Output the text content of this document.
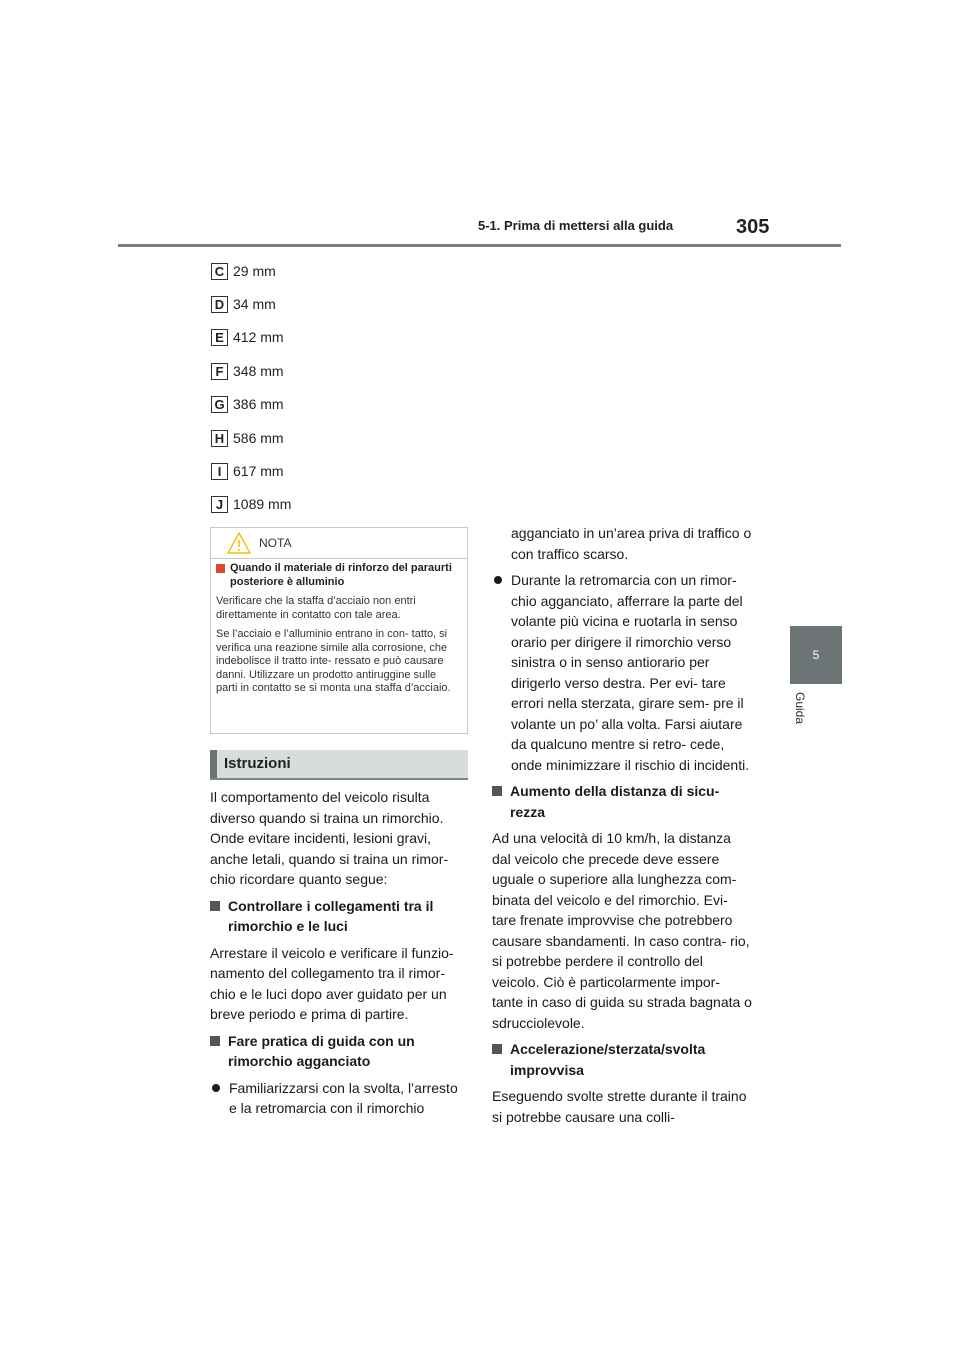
5-1. Prima di mettersi alla guida	305
5
Guida
C 29 mm
D 34 mm
E 412 mm
F 348 mm
G 386 mm
H 586 mm
I 617 mm
J 1089 mm
NOTA
Quando il materiale di rinforzo del paraurti posteriore è alluminio

Verificare che la staffa d’acciaio non entri direttamente in contatto con tale area.

Se l’acciaio e l’alluminio entrano in con- tatto, si verifica una reazione simile alla corrosione, che indebolisce il tratto inte- ressato e può causare danni. Utilizzare un prodotto antiruggine sulle parti in contatto se si monta una staffa d’acciaio.

Istruzioni

Il comportamento del veicolo risulta diverso quando si traina un rimorchio. Onde evitare incidenti, lesioni gravi, anche letali, quando si traina un rimor- chio ricordare quanto segue:

Controllare i collegamenti tra il rimorchio e le luci

Arrestare il veicolo e verificare il funzio- namento del collegamento tra il rimor- chio e le luci dopo aver guidato per un breve periodo e prima di partire.

Fare pratica di guida con un rimorchio agganciato
Familiarizzarsi con la svolta, l’arresto e la retromarcia con il rimorchio

agganciato in un’area priva di traffico o con traffico scarso.

Durante la retromarcia con un rimor- chio agganciato, afferrare la parte del volante più vicina e ruotarla in senso orario per dirigere il rimorchio verso sinistra o in senso antiorario per dirigerlo verso destra. Per evi- tare errori nella sterzata, girare sem- pre il volante un po’ alla volta. Farsi aiutare da qualcuno mentre si retro- cede, onde minimizzare il rischio di incidenti.
Aumento della distanza di sicu- rezza

Ad una velocità di 10 km/h, la distanza dal veicolo che precede deve essere uguale o superiore alla lunghezza com- binata del veicolo e del rimorchio. Evi- tare frenate improvvise che potrebbero causare sbandamenti. In caso contra- rio, si potrebbe perdere il controllo del veicolo. Ciò è particolarmente impor- tante in caso di guida su strada bagnata o sdrucciolevole.

Accelerazione/sterzata/svolta improvvisa

Eseguendo svolte strette durante il traino si potrebbe causare una colli-
